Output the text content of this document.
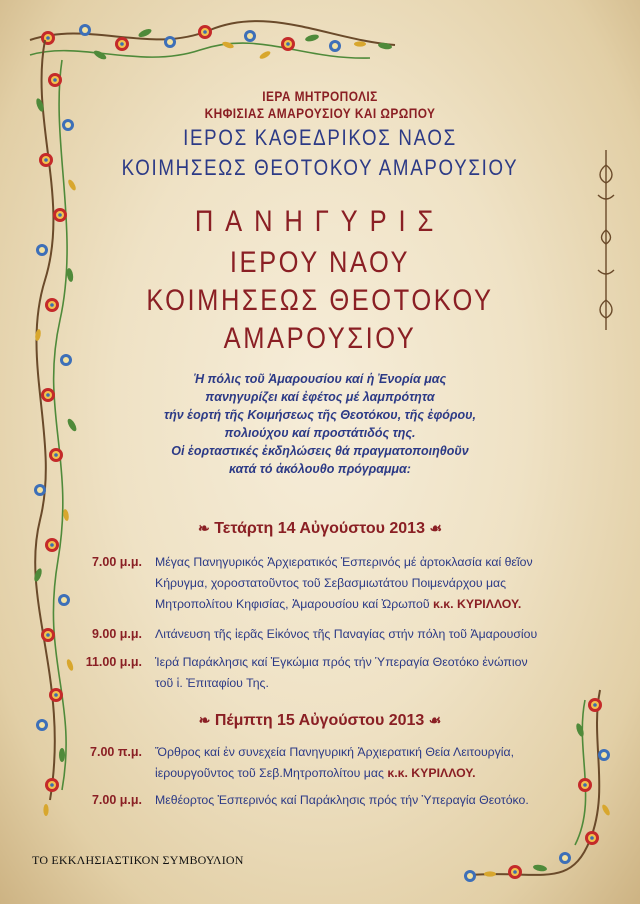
ΙΕΡΑ ΜΗΤΡΟΠΟΛΙΣ

ΚΗΦΙΣΙΑΣ ΑΜΑΡΟΥΣΙΟΥ ΚΑΙ ΩΡΩΠΟΥ

ΙΕΡΟΣ ΚΑΘΕΔΡΙΚΟΣ ΝΑΟΣ

ΚΟΙΜΗΣΕΩΣ ΘΕΟΤΟΚΟΥ ΑΜΑΡΟΥΣΙΟΥ

ΠΑΝΗΓΥΡΙΣ

ΙΕΡΟΥ ΝΑΟΥ

ΚΟΙΜΗΣΕΩΣ ΘΕΟΤΟΚΟΥ

ΑΜΑΡΟΥΣΙΟΥ

Ἡ πόλις τοῦ Ἀμαρουσίου καί ἡ Ἐνορία μας

πανηγυρίζει καί ἐφέτος μέ λαμπρότητα

τήν ἑορτή τῆς Κοιμήσεως τῆς Θεοτόκου, τῆς ἐφόρου,

πολιούχου καί προστάτιδός της.

Οἱ ἑορταστικές ἐκδηλώσεις θά πραγματοποιηθοῦν

κατά τό ἀκόλουθο πρόγραμμα:

❧ Τετάρτη 14 Αὐγούστου 2013 ☙

7.00 μ.μ. Μέγας Πανηγυρικός Ἀρχιερατικός Ἑσπερινός μέ ἀρτοκλασία καί θεῖον
Κήρυγμα, χοροστατοῦντος τοῦ Σεβασμιωτάτου Ποιμενάρχου μας
Μητροπολίτου Κηφισίας, Ἀμαρουσίου καί Ὠρωποῦ κ.κ. ΚΥΡΙΛΛΟΥ.
9.00 μ.μ. Λιτάνευση τῆς ἱερᾶς Εἰκόνος τῆς Παναγίας στήν πόλη τοῦ Ἀμαρουσίου
11.00 μ.μ. Ἱερά Παράκλησις καί Ἐγκώμια πρός τήν Ὑπεραγία Θεοτόκο ἐνώπιον
τοῦ ἱ. Ἐπιταφίου Της.

❧ Πέμπτη 15 Αὐγούστου 2013 ☙

7.00 π.μ. Ὄρθρος καί ἐν συνεχεία Πανηγυρική Ἀρχιερατική Θεία Λειτουργία,
ἱερουργοῦντος τοῦ Σεβ.Μητροπολίτου μας κ.κ. ΚΥΡΙΛΛΟΥ.
7.00 μ.μ. Μεθέορτος Ἑσπερινός καί Παράκλησις πρός τήν Ὑπεραγία Θεοτόκο.
ΤΟ ΕΚΚΛΗΣΙΑΣΤΙΚΟΝ ΣΥΜΒΟΥΛΙΟΝ
